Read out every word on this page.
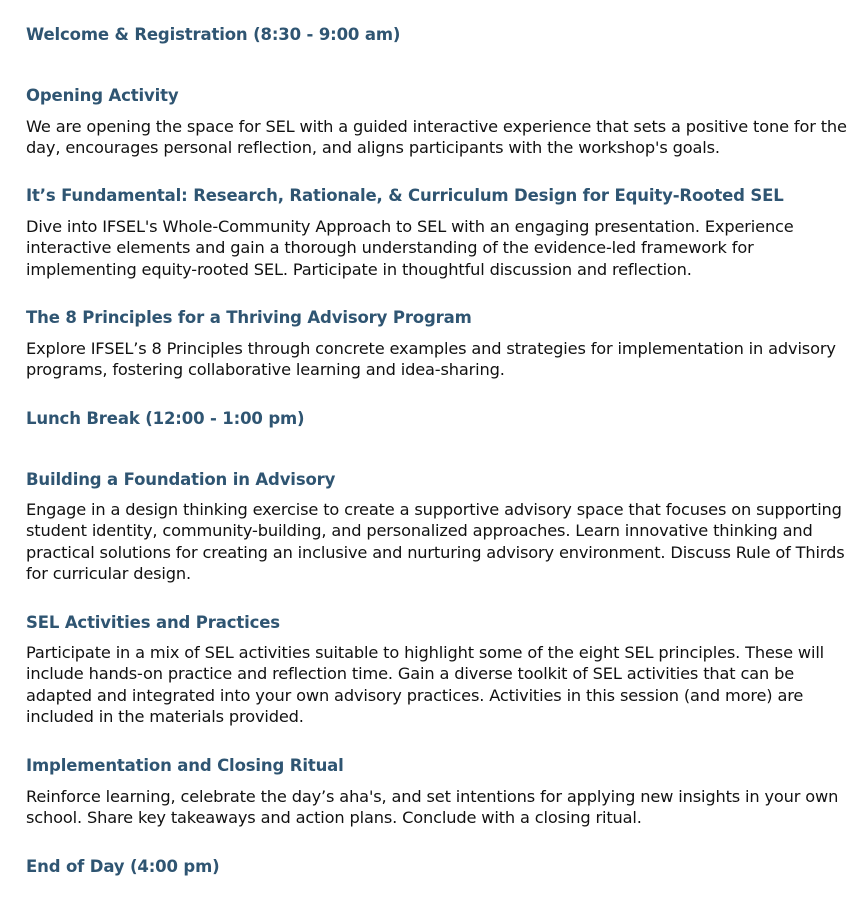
Welcome & Registration (8:30 - 9:00 am)
Opening Activity
We are opening the space for SEL with a guided interactive experience that sets a positive tone for the day, encourages personal reflection, and aligns participants with the workshop's goals.
It’s Fundamental: Research, Rationale, & Curriculum Design for Equity-Rooted SEL
Dive into IFSEL's Whole-Community Approach to SEL with an engaging presentation. Experience interactive elements and gain a thorough understanding of the evidence-led framework for implementing equity-rooted SEL. Participate in thoughtful discussion and reflection.
The 8 Principles for a Thriving Advisory Program
Explore IFSEL’s 8 Principles through concrete examples and strategies for implementation in advisory programs, fostering collaborative learning and idea-sharing.
Lunch Break (12:00 - 1:00 pm)
Building a Foundation in Advisory
Engage in a design thinking exercise to create a supportive advisory space that focuses on supporting student identity, community-building, and personalized approaches. Learn innovative thinking and practical solutions for creating an inclusive and nurturing advisory environment. Discuss Rule of Thirds for curricular design.
SEL Activities and Practices
Participate in a mix of SEL activities suitable to highlight some of the eight SEL principles. These will include hands-on practice and reflection time. Gain a diverse toolkit of SEL activities that can be adapted and integrated into your own advisory practices. Activities in this session (and more) are included in the materials provided.
Implementation and Closing Ritual
Reinforce learning, celebrate the day’s aha's, and set intentions for applying new insights in your own school. Share key takeaways and action plans. Conclude with a closing ritual.
End of Day (4:00 pm)
